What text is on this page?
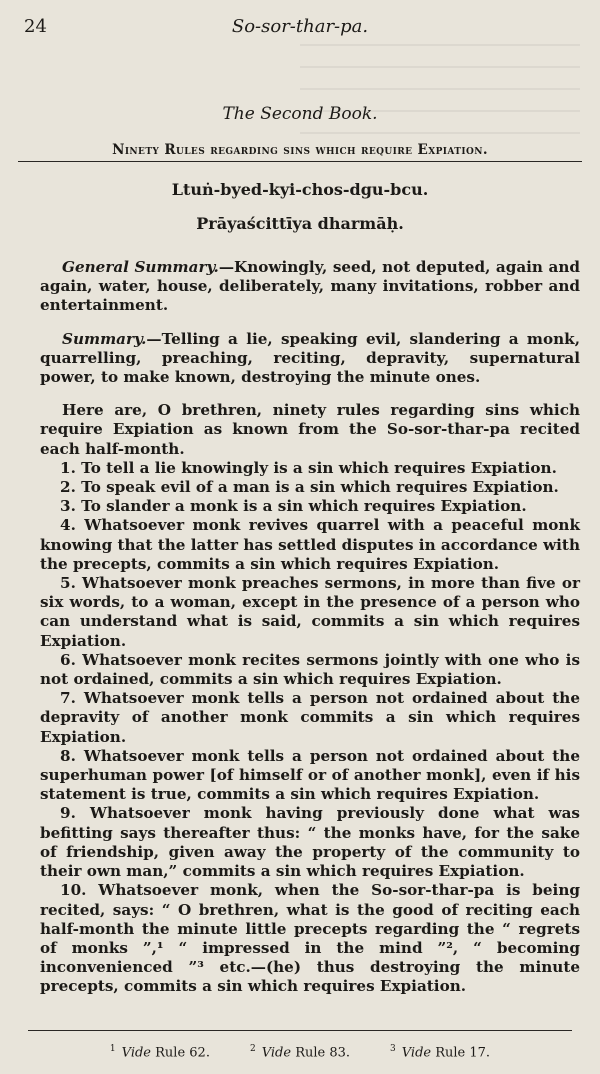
24	So-sor-thar-pa.
The Second Book.
Ninety Rules regarding sins which require Expiation.
Ltuṅ-byed-kyi-chos-dgu-bcu.
Prāyaścittīya dharmāḥ.

General Summary.—Knowingly, seed, not deputed, again and again, water, house, deliberately, many invitations, robber and entertainment.

Summary.—Telling a lie, speaking evil, slandering a monk, quarrelling, preaching, reciting, depravity, supernatural power, to make known, destroying the minute ones.

Here are, O brethren, ninety rules regarding sins which require Expiation as known from the So-sor-thar-pa recited each half-month.

1. To tell a lie knowingly is a sin which requires Expiation.

2. To speak evil of a man is a sin which requires Expiation.

3. To slander a monk is a sin which requires Expiation.

4. Whatsoever monk revives quarrel with a peaceful monk knowing that the latter has settled disputes in accordance with the precepts, commits a sin which requires Expiation.

5. Whatsoever monk preaches sermons, in more than five or six words, to a woman, except in the presence of a person who can understand what is said, commits a sin which requires Expiation.

6. Whatsoever monk recites sermons jointly with one who is not ordained, commits a sin which requires Expiation.

7. Whatsoever monk tells a person not ordained about the depravity of another monk commits a sin which requires Expiation.

8. Whatsoever monk tells a person not ordained about the superhuman power [of himself or of another monk], even if his statement is true, commits a sin which requires Expiation.

9. Whatsoever monk having previously done what was befitting says thereafter thus: “ the monks have, for the sake of friendship, given away the property of the community to their own man,” commits a sin which requires Expiation.

10. Whatsoever monk, when the So-sor-thar-pa is being recited, says: “ O brethren, what is the good of reciting each half-month the minute little precepts regarding the “ regrets of monks ”,¹ “ impressed in the mind ”², “ becoming inconvenienced ”³ etc.—(he) thus destroying the minute precepts, commits a sin which requires Expiation.

$^1$ Vide Rule 62.	$^2$ Vide Rule 83.	$^3$ Vide Rule 17.
